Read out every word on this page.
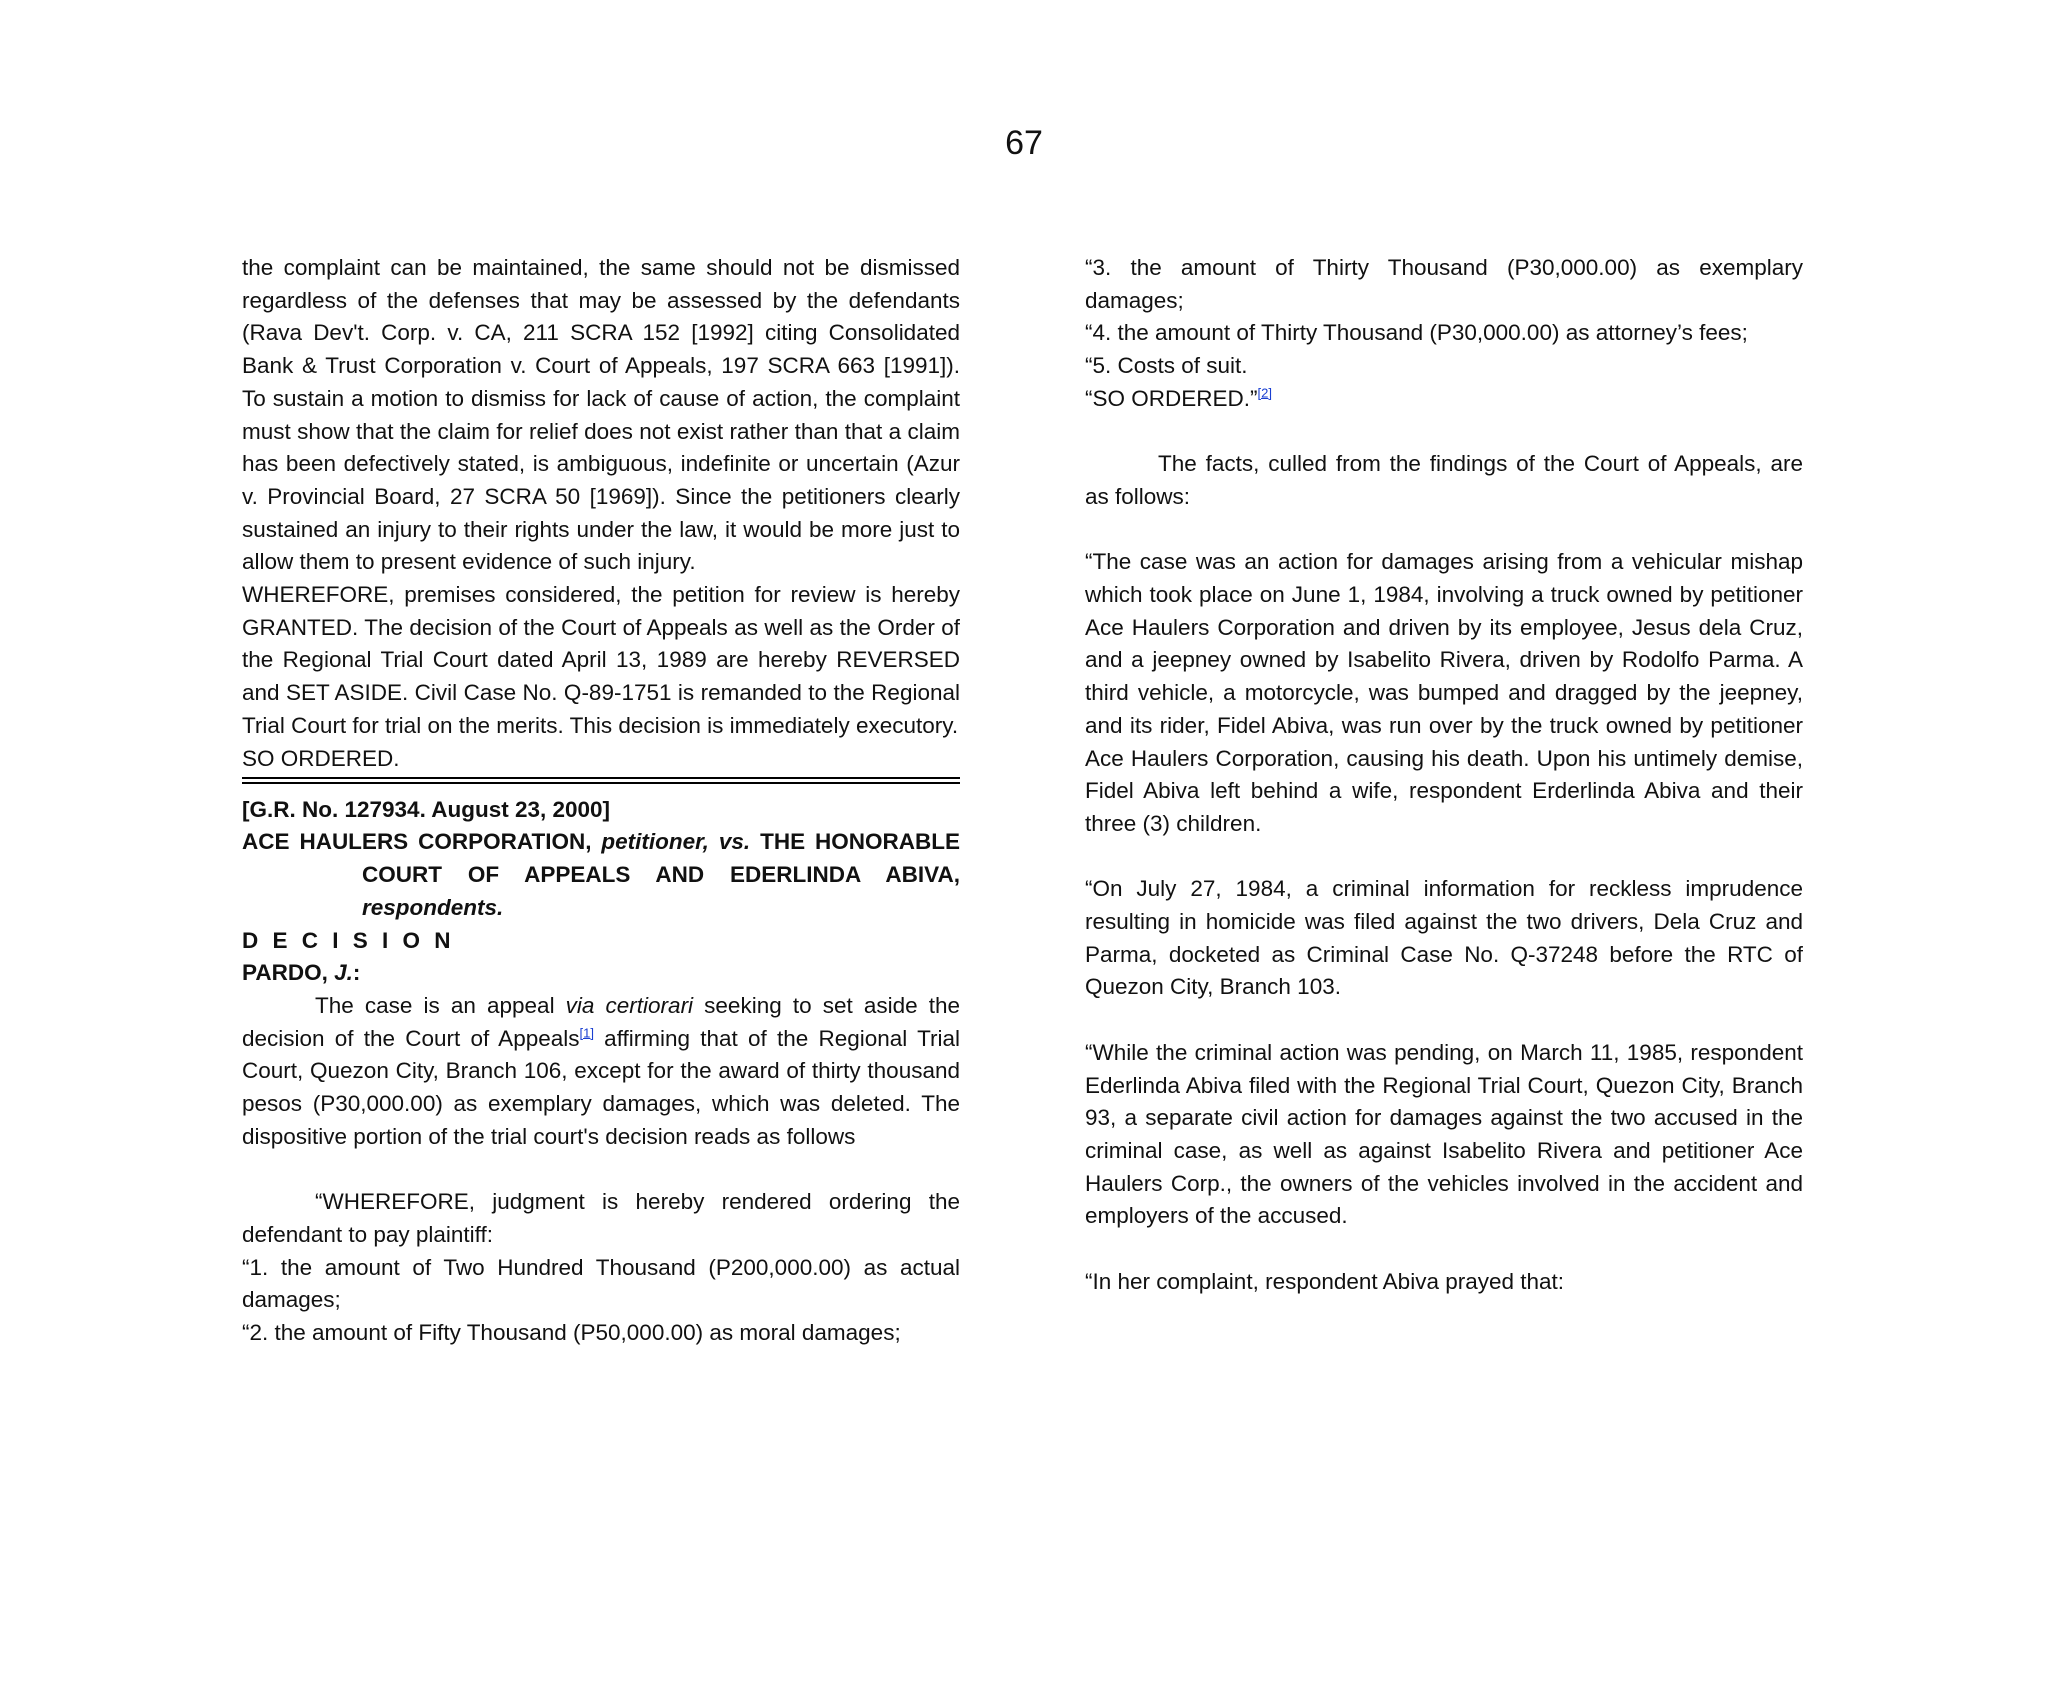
67

the complaint can be maintained, the same should not be dismissed regardless of the defenses that may be assessed by the defendants (Rava Dev't. Corp. v. CA, 211 SCRA 152 [1992] citing Consolidated Bank & Trust Corporation v. Court of Appeals, 197 SCRA 663 [1991]). To sustain a motion to dismiss for lack of cause of action, the complaint must show that the claim for relief does not exist rather than that a claim has been defectively stated, is ambiguous, indefinite or uncertain (Azur v. Provincial Board, 27 SCRA 50 [1969]). Since the petitioners clearly sustained an injury to their rights under the law, it would be more just to allow them to present evidence of such injury.

WHEREFORE, premises considered, the petition for review is hereby GRANTED. The decision of the Court of Appeals as well as the Order of the Regional Trial Court dated April 13, 1989 are hereby REVERSED and SET ASIDE. Civil Case No. Q-89-1751 is remanded to the Regional Trial Court for trial on the merits. This decision is immediately executory.

SO ORDERED.

[G.R. No. 127934. August 23, 2000]

ACE HAULERS CORPORATION, petitioner, vs. THE HONORABLE COURT OF APPEALS AND EDERLINDA ABIVA, respondents.

D E C I S I O N

PARDO, J.:

The case is an appeal via certiorari seeking to set aside the decision of the Court of Appeals[1] affirming that of the Regional Trial Court, Quezon City, Branch 106, except for the award of thirty thousand pesos (P30,000.00) as exemplary damages, which was deleted. The dispositive portion of the trial court's decision reads as follows

“WHEREFORE, judgment is hereby rendered ordering the defendant to pay plaintiff:

“1. the amount of Two Hundred Thousand (P200,000.00) as actual damages;

“2. the amount of Fifty Thousand (P50,000.00) as moral damages;

“3. the amount of Thirty Thousand (P30,000.00) as exemplary damages;

“4. the amount of Thirty Thousand (P30,000.00) as attorney’s fees;

“5. Costs of suit.

“SO ORDERED.”[2]

The facts, culled from the findings of the Court of Appeals, are as follows:

“The case was an action for damages arising from a vehicular mishap which took place on June 1, 1984, involving a truck owned by petitioner Ace Haulers Corporation and driven by its employee, Jesus dela Cruz, and a jeepney owned by Isabelito Rivera, driven by Rodolfo Parma. A third vehicle, a motorcycle, was bumped and dragged by the jeepney, and its rider, Fidel Abiva, was run over by the truck owned by petitioner Ace Haulers Corporation, causing his death. Upon his untimely demise, Fidel Abiva left behind a wife, respondent Erderlinda Abiva and their three (3) children.

“On July 27, 1984, a criminal information for reckless imprudence resulting in homicide was filed against the two drivers, Dela Cruz and Parma, docketed as Criminal Case No. Q-37248 before the RTC of Quezon City, Branch 103.

“While the criminal action was pending, on March 11, 1985, respondent Ederlinda Abiva filed with the Regional Trial Court, Quezon City, Branch 93, a separate civil action for damages against the two accused in the criminal case, as well as against Isabelito Rivera and petitioner Ace Haulers Corp., the owners of the vehicles involved in the accident and employers of the accused.

“In her complaint, respondent Abiva prayed that:
